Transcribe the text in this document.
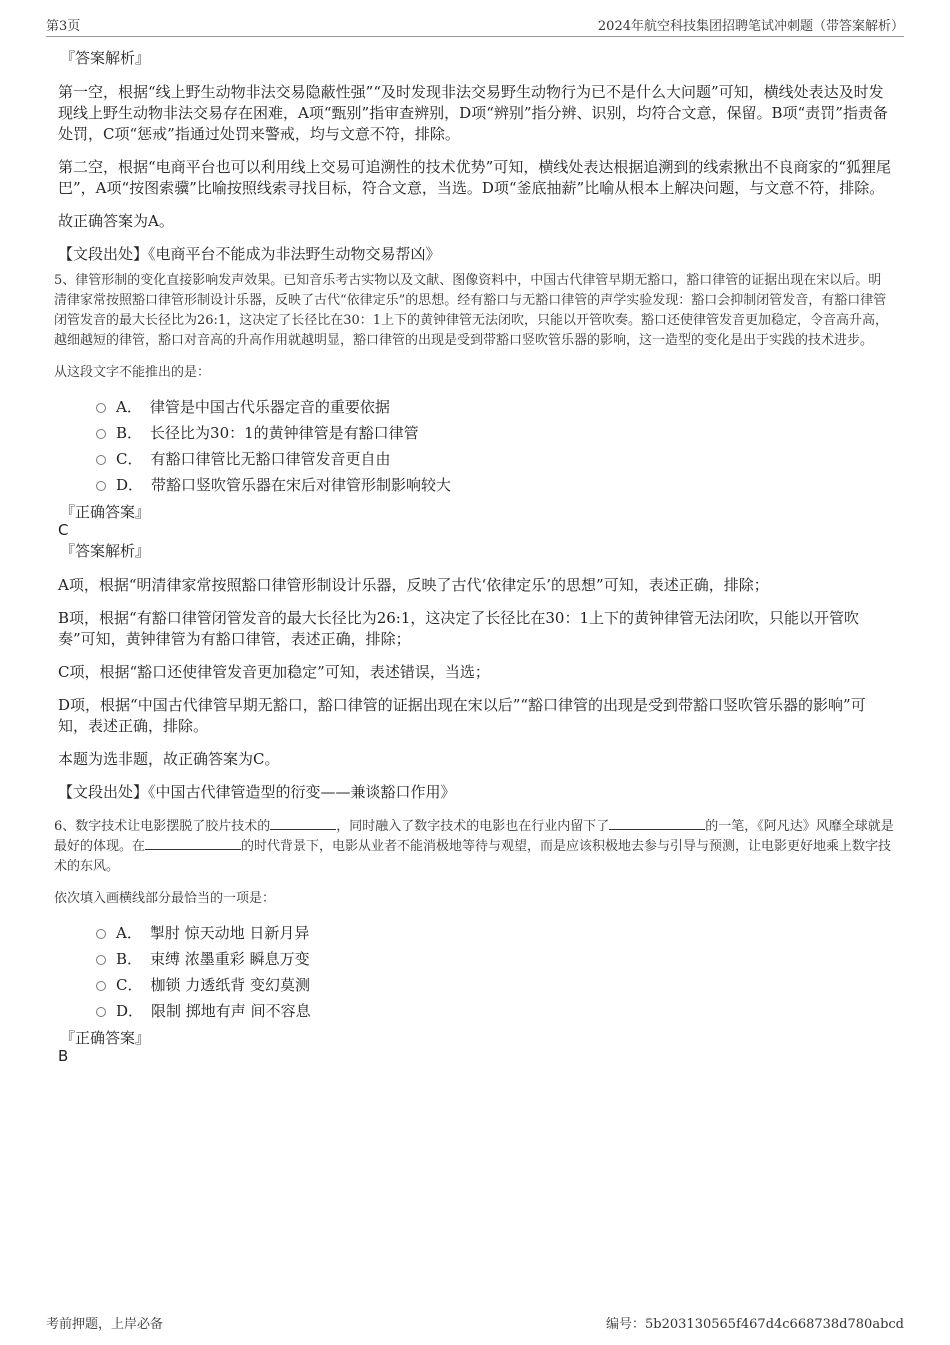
第3页	2024年航空科技集团招聘笔试冲刺题（带答案解析）
『答案解析』

第一空，根据“线上野生动物非法交易隐蔽性强”“及时发现非法交易野生动物行为已不是什么大问题”可知，横线处表达及时发现线上野生动物非法交易存在困难，A项“甄别”指审查辨别，D项“辨别”指分辨、识别，均符合文意，保留。B项“责罚”指责备处罚，C项“惩戒”指通过处罚来警戒，均与文意不符，排除。

第二空，根据“电商平台也可以利用线上交易可追溯性的技术优势”可知，横线处表达根据追溯到的线索揪出不良商家的“狐狸尾巴”，A项“按图索骥”比喻按照线索寻找目标，符合文意，当选。D项“釜底抽薪”比喻从根本上解决问题，与文意不符，排除。

故正确答案为A。

【文段出处】《电商平台不能成为非法野生动物交易帮凶》
5、律管形制的变化直接影响发声效果。已知音乐考古实物以及文献、图像资料中，中国古代律管早期无豁口，豁口律管的证据出现在宋以后。明清律家常按照豁口律管形制设计乐器，反映了古代“依律定乐”的思想。经有豁口与无豁口律管的声学实验发现：豁口会抑制闭管发音，有豁口律管闭管发音的最大长径比为26:1，这决定了长径比在30：1上下的黄钟律管无法闭吹，只能以开管吹奏。豁口还使律管发音更加稳定，令音高升高，越细越短的律管，豁口对音高的升高作用就越明显，豁口律管的出现是受到带豁口竖吹管乐器的影响，这一造型的变化是出于实践的技术进步。
从这段文字不能推出的是：
A． 律管是中国古代乐器定音的重要依据
B． 长径比为30：1的黄钟律管是有豁口律管
C． 有豁口律管比无豁口律管发音更自由
D． 带豁口竖吹管乐器在宋后对律管形制影响较大
『正确答案』
C
『答案解析』

A项，根据“明清律家常按照豁口律管形制设计乐器，反映了古代‘依律定乐’的思想”可知，表述正确，排除；

B项，根据“有豁口律管闭管发音的最大长径比为26:1，这决定了长径比在30：1上下的黄钟律管无法闭吹，只能以开管吹奏”可知，黄钟律管为有豁口律管，表述正确，排除；

C项，根据“豁口还使律管发音更加稳定”可知，表述错误，当选；

D项，根据“中国古代律管早期无豁口，豁口律管的证据出现在宋以后”“豁口律管的出现是受到带豁口竖吹管乐器的影响”可知，表述正确，排除。

本题为选非题，故正确答案为C。

【文段出处】《中国古代律管造型的衍变——兼谈豁口作用》
6、数字技术让电影摆脱了胶片技术的	，同时融入了数字技术的电影也在行业内留下了	的一笔，《阿凡达》风靡全球就是最好的体现。在	的时代背景下，电影从业者不能消极地等待与观望，而是应该积极地去参与引导与预测，让电影更好地乘上数字技术的东风。
依次填入画横线部分最恰当的一项是：
A． 掣肘 惊天动地 日新月异
B． 束缚 浓墨重彩 瞬息万变
C． 枷锁 力透纸背 变幻莫测
D． 限制 掷地有声 间不容息
『正确答案』
B
考前押题，上岸必备	编号：5b203130565f467d4c668738d780abcd
